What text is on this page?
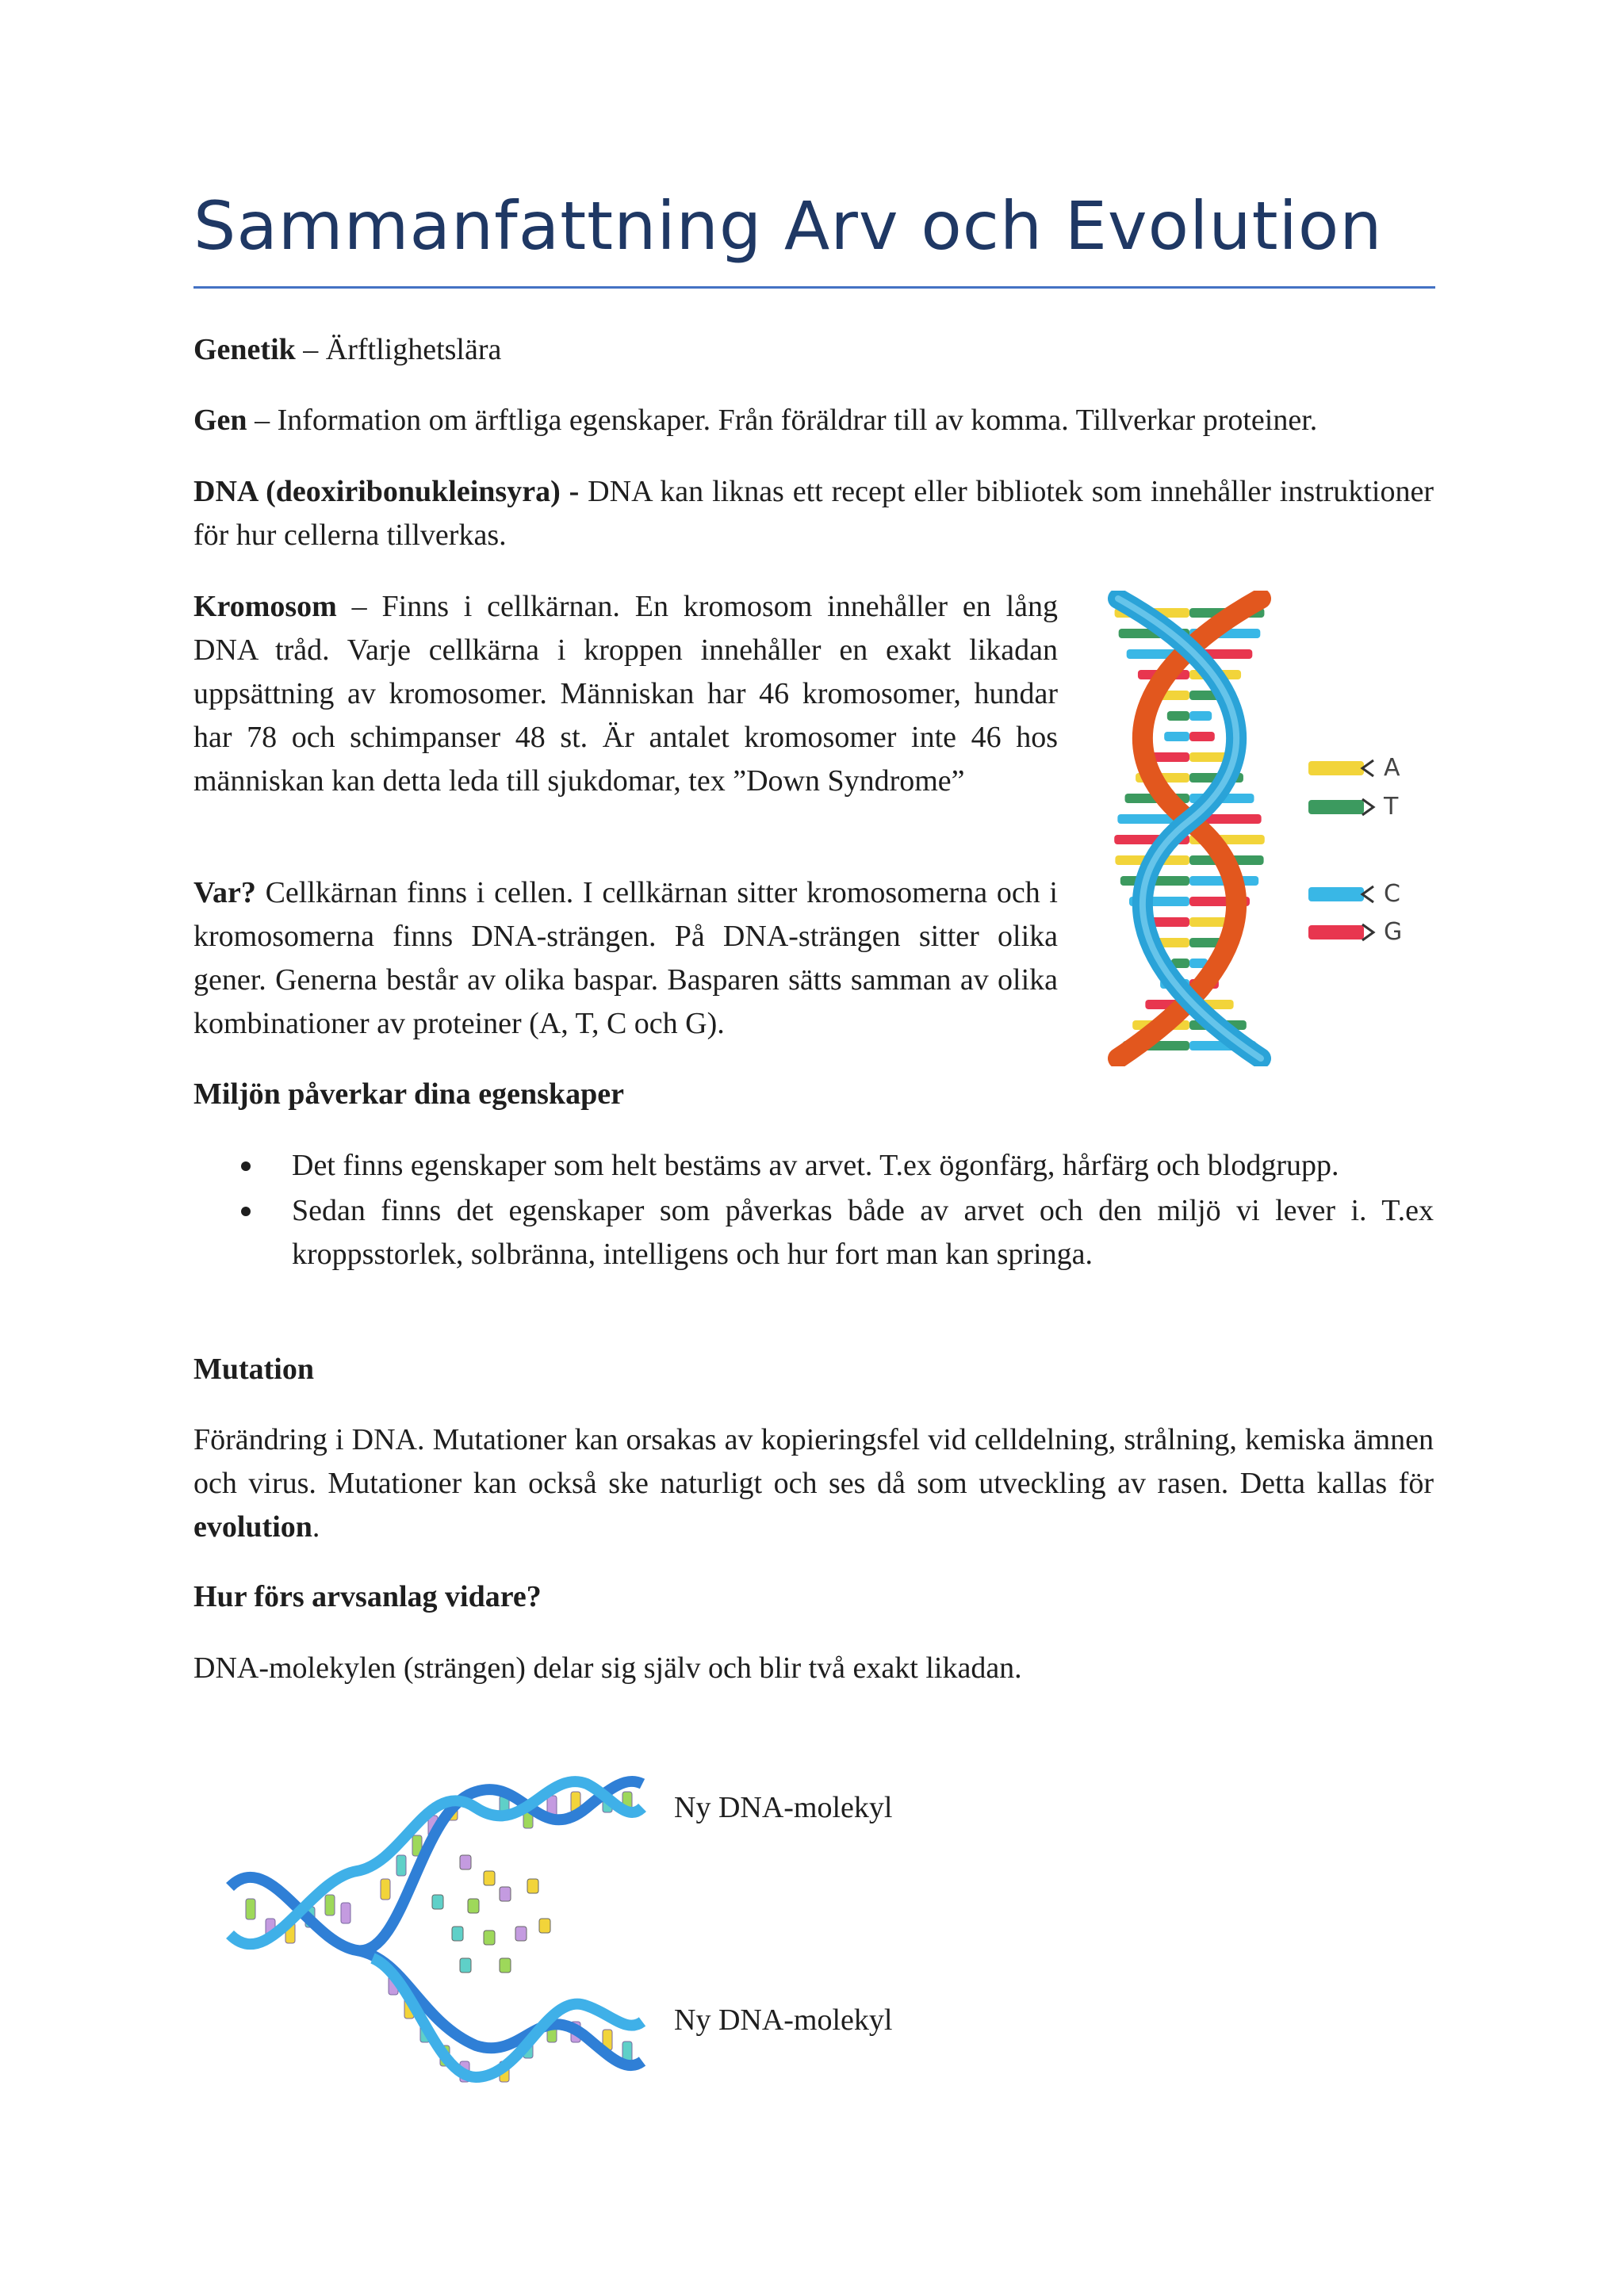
Sammanfattning Arv och Evolution
Genetik – Ärftlighetslära
Gen – Information om ärftliga egenskaper. Från föräldrar till av komma. Tillverkar proteiner.
DNA (deoxiribonukleinsyra) - DNA kan liknas ett recept eller bibliotek som innehåller instruktioner för hur cellerna tillverkas.
Kromosom – Finns i cellkärnan. En kromosom innehåller en lång DNA tråd. Varje cellkärna i kroppen innehåller en exakt likadan uppsättning av kromosomer. Människan har 46 kromosomer, hundar har 78 och schimpanser 48 st. Är antalet kromosomer inte 46 hos människan kan detta leda till sjukdomar, tex ”Down Syndrome”
Var? Cellkärnan finns i cellen. I cellkärnan sitter kromosomerna och i kromosomerna finns DNA-strängen. På DNA-strängen sitter olika gener. Generna består av olika baspar. Basparen sätts samman av olika kombinationer av proteiner (A, T, C och G).
A
T
C
G
Miljön påverkar dina egenskaper
Det finns egenskaper som helt bestäms av arvet. T.ex ögonfärg, hårfärg och blodgrupp.
Sedan finns det egenskaper som påverkas både av arvet och den miljö vi lever i. T.ex kroppsstorlek, solbränna, intelligens och hur fort man kan springa.
Mutation
Förändring i DNA. Mutationer kan orsakas av kopieringsfel vid celldelning, strålning, kemiska ämnen och virus. Mutationer kan också ske naturligt och ses då som utveckling av rasen. Detta kallas för evolution.
Hur förs arvsanlag vidare?
DNA-molekylen (strängen) delar sig själv och blir två exakt likadan.
Ny DNA-molekyl
Ny DNA-molekyl
